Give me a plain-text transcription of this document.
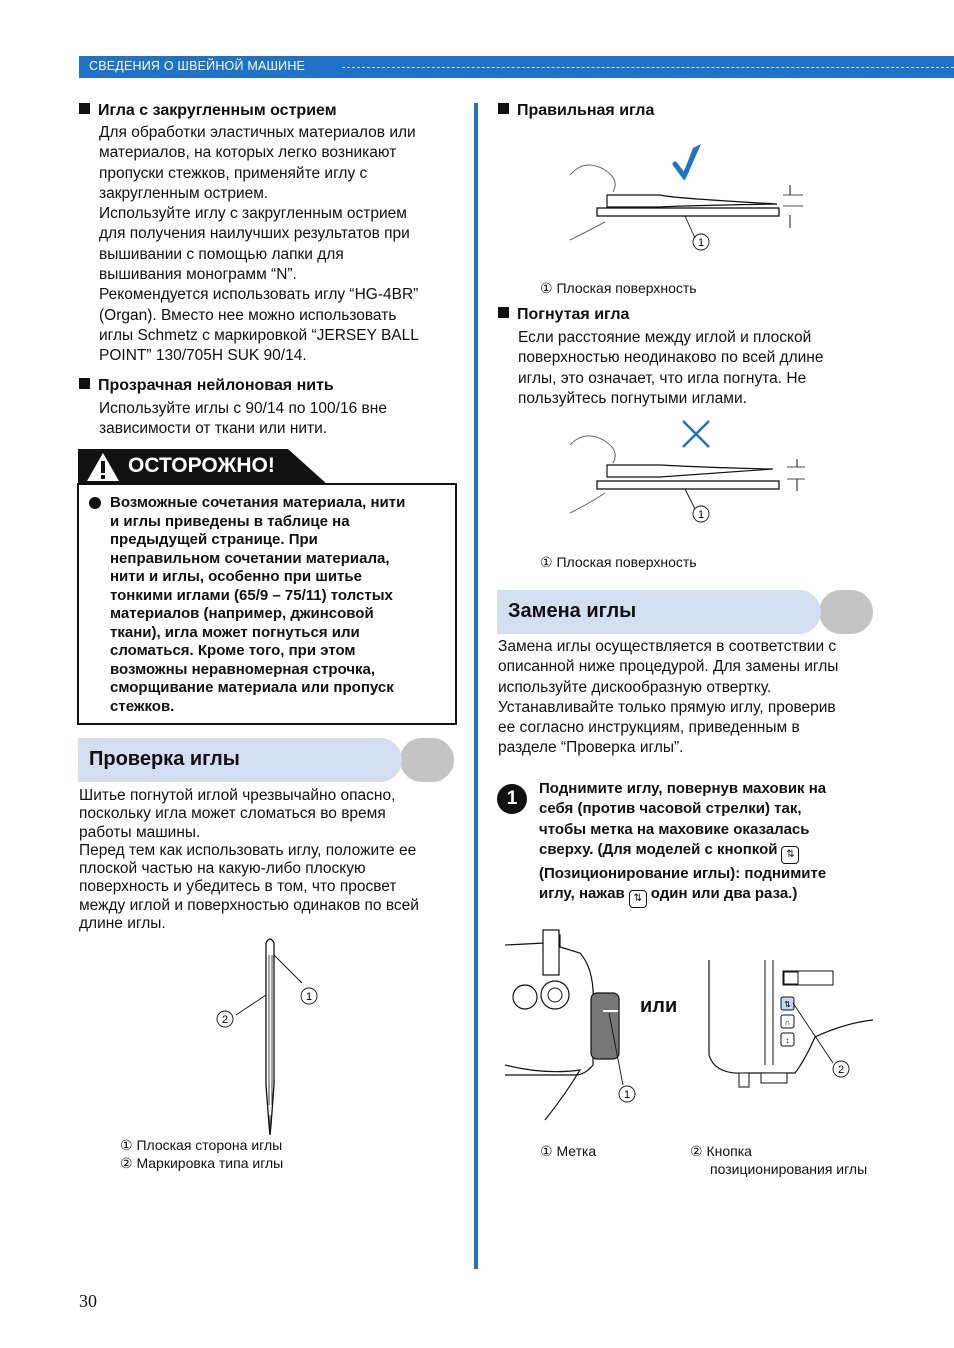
СВЕДЕНИЯ О ШВЕЙНОЙ МАШИНЕ
Игла с закругленным острием
Для обработки эластичных материалов или
материалов, на которых легко возникают
пропуски стежков, применяйте иглу с
закругленным острием.
Используйте иглу с закругленным острием
для получения наилучших результатов при
вышивании с помощью лапки для
вышивания монограмм “N”.
Рекомендуется использовать иглу “HG-4BR”
(Organ). Вместо нее можно использовать
иглы Schmetz с маркировкой “JERSEY BALL
POINT” 130/705H SUK 90/14.
Прозрачная нейлоновая нить
Используйте иглы с 90/14 по 100/16 вне
зависимости от ткани или нити.
ОСТОРОЖНО!
Возможные сочетания материала, нити
и иглы приведены в таблице на
предыдущей странице. При
неправильном сочетании материала,
нити и иглы, особенно при шитье
тонкими иглами (65/9 – 75/11) толстых
материалов (например, джинсовой
ткани), игла может погнуться или
сломаться. Кроме того, при этом
возможны неравномерная строчка,
сморщивание материала или пропуск
стежков.
Проверка иглы
Шитье погнутой иглой чрезвычайно опасно,
поскольку игла может сломаться во время
работы машины.
Перед тем как использовать иглу, положите ее
плоской частью на какую-либо плоскую
поверхность и убедитесь в том, что просвет
между иглой и поверхностью одинаков по всей
длине иглы.
1
2
① Плоская сторона иглы
② Маркировка типа иглы
Правильная игла
1
① Плоская поверхность
Погнутая игла
Если расстояние между иглой и плоской
поверхностью неодинаково по всей длине
иглы, это означает, что игла погнута. Не
пользуйтесь погнутыми иглами.
1
① Плоская поверхность
Замена иглы
Замена иглы осуществляется в соответствии с
описанной ниже процедурой. Для замены иглы
используйте дискообразную отвертку.
Устанавливайте только прямую иглу, проверив
ее согласно инструкциям, приведенным в
разделе “Проверка иглы”.
1	Поднимите иглу, повернув маховик на
себя (против часовой стрелки) так,
чтобы метка на маховике оказалась
сверху. (Для моделей с кнопкой ⇅
(Позиционирование иглы): поднимите
иглу, нажав ⇅ один или два раза.)
1
или	⇅
∩
↕
2
① Метка	② Кнопка
позиционирования иглы
30
